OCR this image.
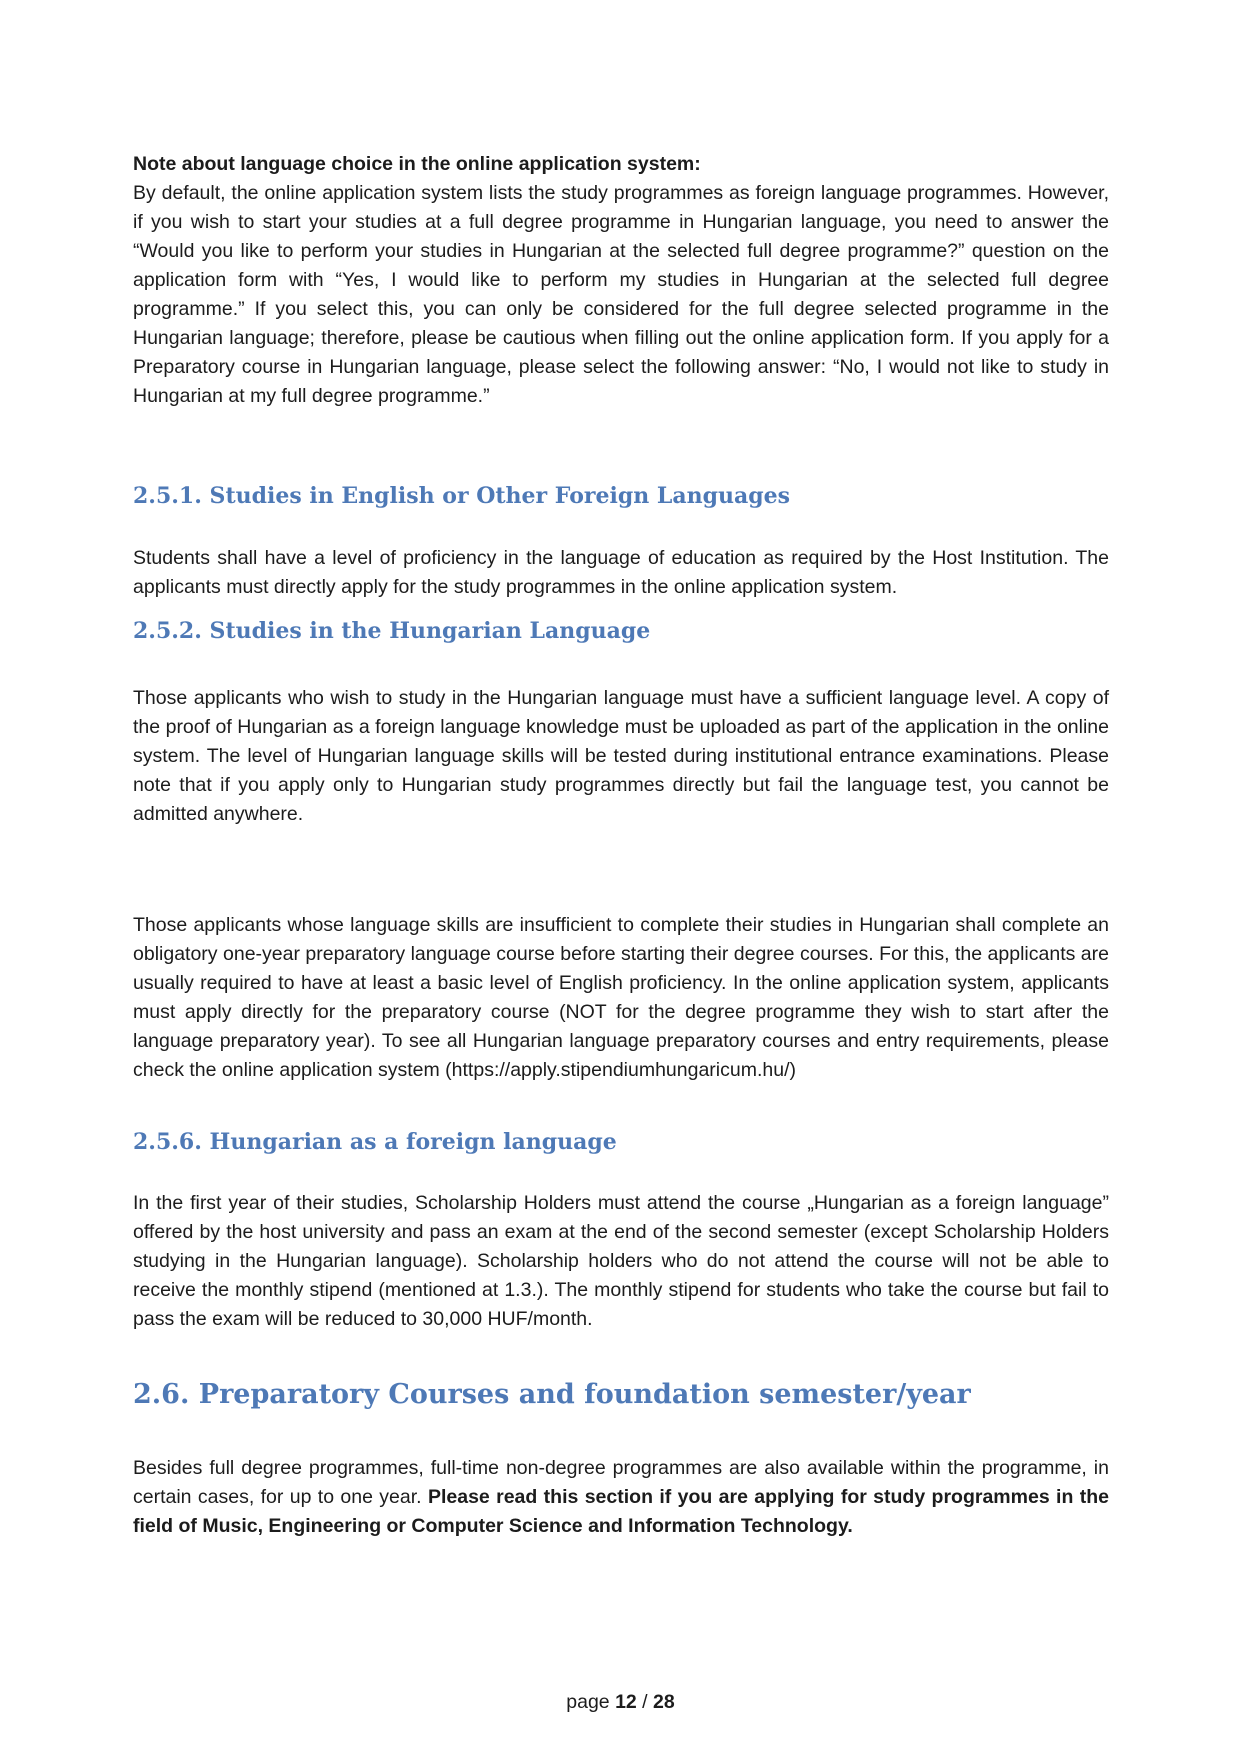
Note about language choice in the online application system:
By default, the online application system lists the study programmes as foreign language programmes. However, if you wish to start your studies at a full degree programme in Hungarian language, you need to answer the “Would you like to perform your studies in Hungarian at the selected full degree programme?” question on the application form with “Yes, I would like to perform my studies in Hungarian at the selected full degree programme.” If you select this, you can only be considered for the full degree selected programme in the Hungarian language; therefore, please be cautious when filling out the online application form. If you apply for a Preparatory course in Hungarian language, please select the following answer: “No, I would not like to study in Hungarian at my full degree programme.”
2.5.1. Studies in English or Other Foreign Languages
Students shall have a level of proficiency in the language of education as required by the Host Institution. The applicants must directly apply for the study programmes in the online application system.
2.5.2. Studies in the Hungarian Language
Those applicants who wish to study in the Hungarian language must have a sufficient language level. A copy of the proof of Hungarian as a foreign language knowledge must be uploaded as part of the application in the online system. The level of Hungarian language skills will be tested during institutional entrance examinations. Please note that if you apply only to Hungarian study programmes directly but fail the language test, you cannot be admitted anywhere.
Those applicants whose language skills are insufficient to complete their studies in Hungarian shall complete an obligatory one-year preparatory language course before starting their degree courses. For this, the applicants are usually required to have at least a basic level of English proficiency. In the online application system, applicants must apply directly for the preparatory course (NOT for the degree programme they wish to start after the language preparatory year). To see all Hungarian language preparatory courses and entry requirements, please check the online application system (https://apply.stipendiumhungaricum.hu/)
2.5.6. Hungarian as a foreign language
In the first year of their studies, Scholarship Holders must attend the course „Hungarian as a foreign language” offered by the host university and pass an exam at the end of the second semester (except Scholarship Holders studying in the Hungarian language). Scholarship holders who do not attend the course will not be able to receive the monthly stipend (mentioned at 1.3.). The monthly stipend for students who take the course but fail to pass the exam will be reduced to 30,000 HUF/month.
2.6. Preparatory Courses and foundation semester/year
Besides full degree programmes, full-time non-degree programmes are also available within the programme, in certain cases, for up to one year. Please read this section if you are applying for study programmes in the field of Music, Engineering or Computer Science and Information Technology.
page 12 / 28
